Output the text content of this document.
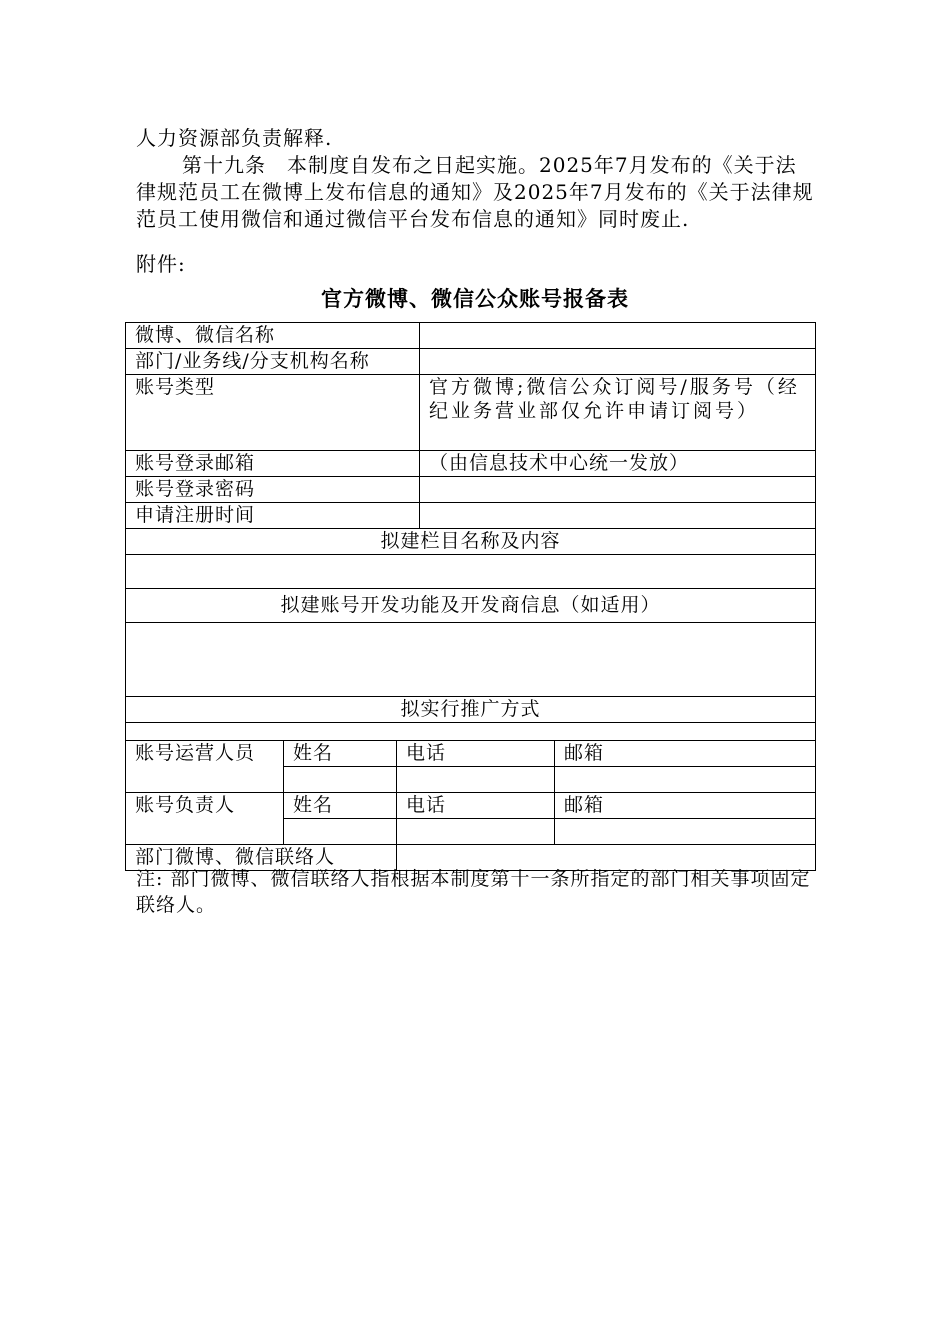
人力资源部负责解释.
第十九条　本制度自发布之日起实施。2025年7月发布的《关于法律规范员工在微博上发布信息的通知》及2025年7月发布的《关于法律规范员工使用微信和通过微信平台发布信息的通知》同时废止.
附件:
官方微博、微信公众账号报备表
微博、微信名称				
部门/业务线/分支机构名称				
账号类型			官方微博;微信公众订阅号/服务号（经纪业务营业部仅允许申请订阅号）	
账号登录邮箱			（由信息技术中心统一发放）	
账号登录密码				
申请注册时间				
拟建栏目名称及内容				

拟建账号开发功能及开发商信息（如适用）				

拟实行推广方式				

账号运营人员	姓名	电话		邮箱

账号负责人	姓名	电话		邮箱

部门微博、微信联络人				
注: 部门微博、微信联络人指根据本制度第十一条所指定的部门相关事项固定联络人。
